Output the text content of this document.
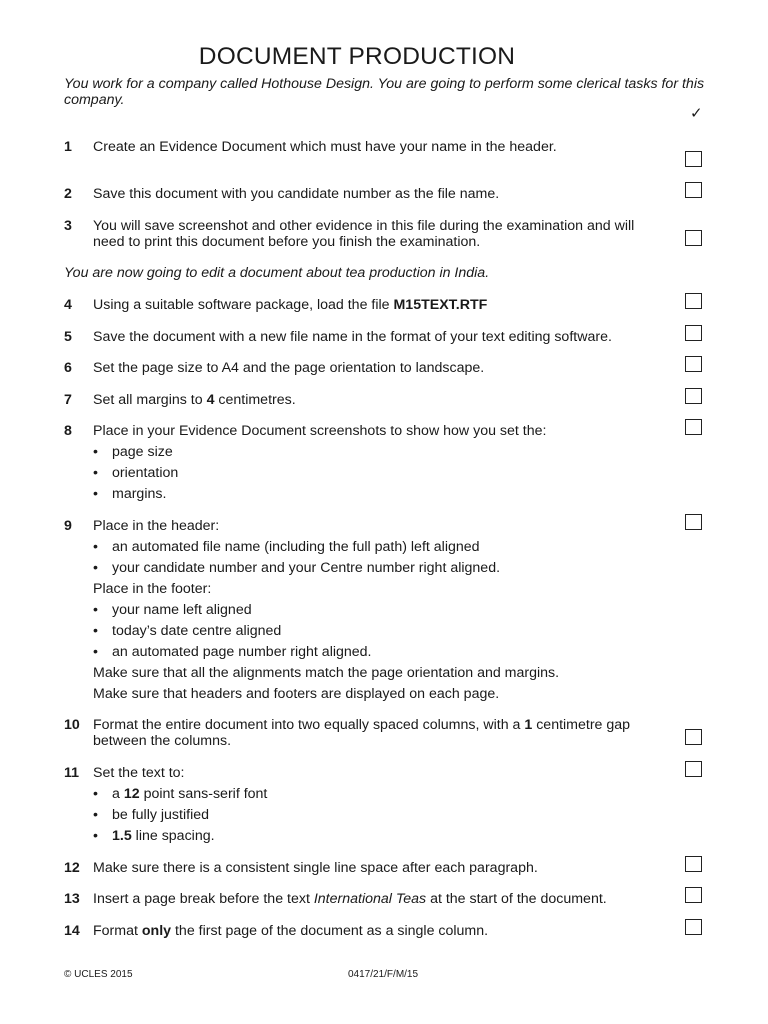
DOCUMENT PRODUCTION
You work for a company called Hothouse Design. You are going to perform some clerical tasks for this company.
✓
1 Create an Evidence Document which must have your name in the header.
2 Save this document with you candidate number as the file name.
3 You will save screenshot and other evidence in this file during the examination and will need to print this document before you finish the examination.
You are now going to edit a document about tea production in India.
4 Using a suitable software package, load the file M15TEXT.RTF
5 Save the document with a new file name in the format of your text editing software.
6 Set the page size to A4 and the page orientation to landscape.
7 Set all margins to 4 centimetres.
8 Place in your Evidence Document screenshots to show how you set the:
• page size
• orientation
• margins.
9 Place in the header:
• an automated file name (including the full path) left aligned
• your candidate number and your Centre number right aligned.
Place in the footer:
• your name left aligned
• today’s date centre aligned
• an automated page number right aligned.
Make sure that all the alignments match the page orientation and margins.
Make sure that headers and footers are displayed on each page.
10 Format the entire document into two equally spaced columns, with a 1 centimetre gap between the columns.
11 Set the text to:
• a 12 point sans-serif font
• be fully justified
• 1.5 line spacing.
12 Make sure there is a consistent single line space after each paragraph.
13 Insert a page break before the text International Teas at the start of the document.
14 Format only the first page of the document as a single column.
© UCLES 2015	0417/21/F/M/15
